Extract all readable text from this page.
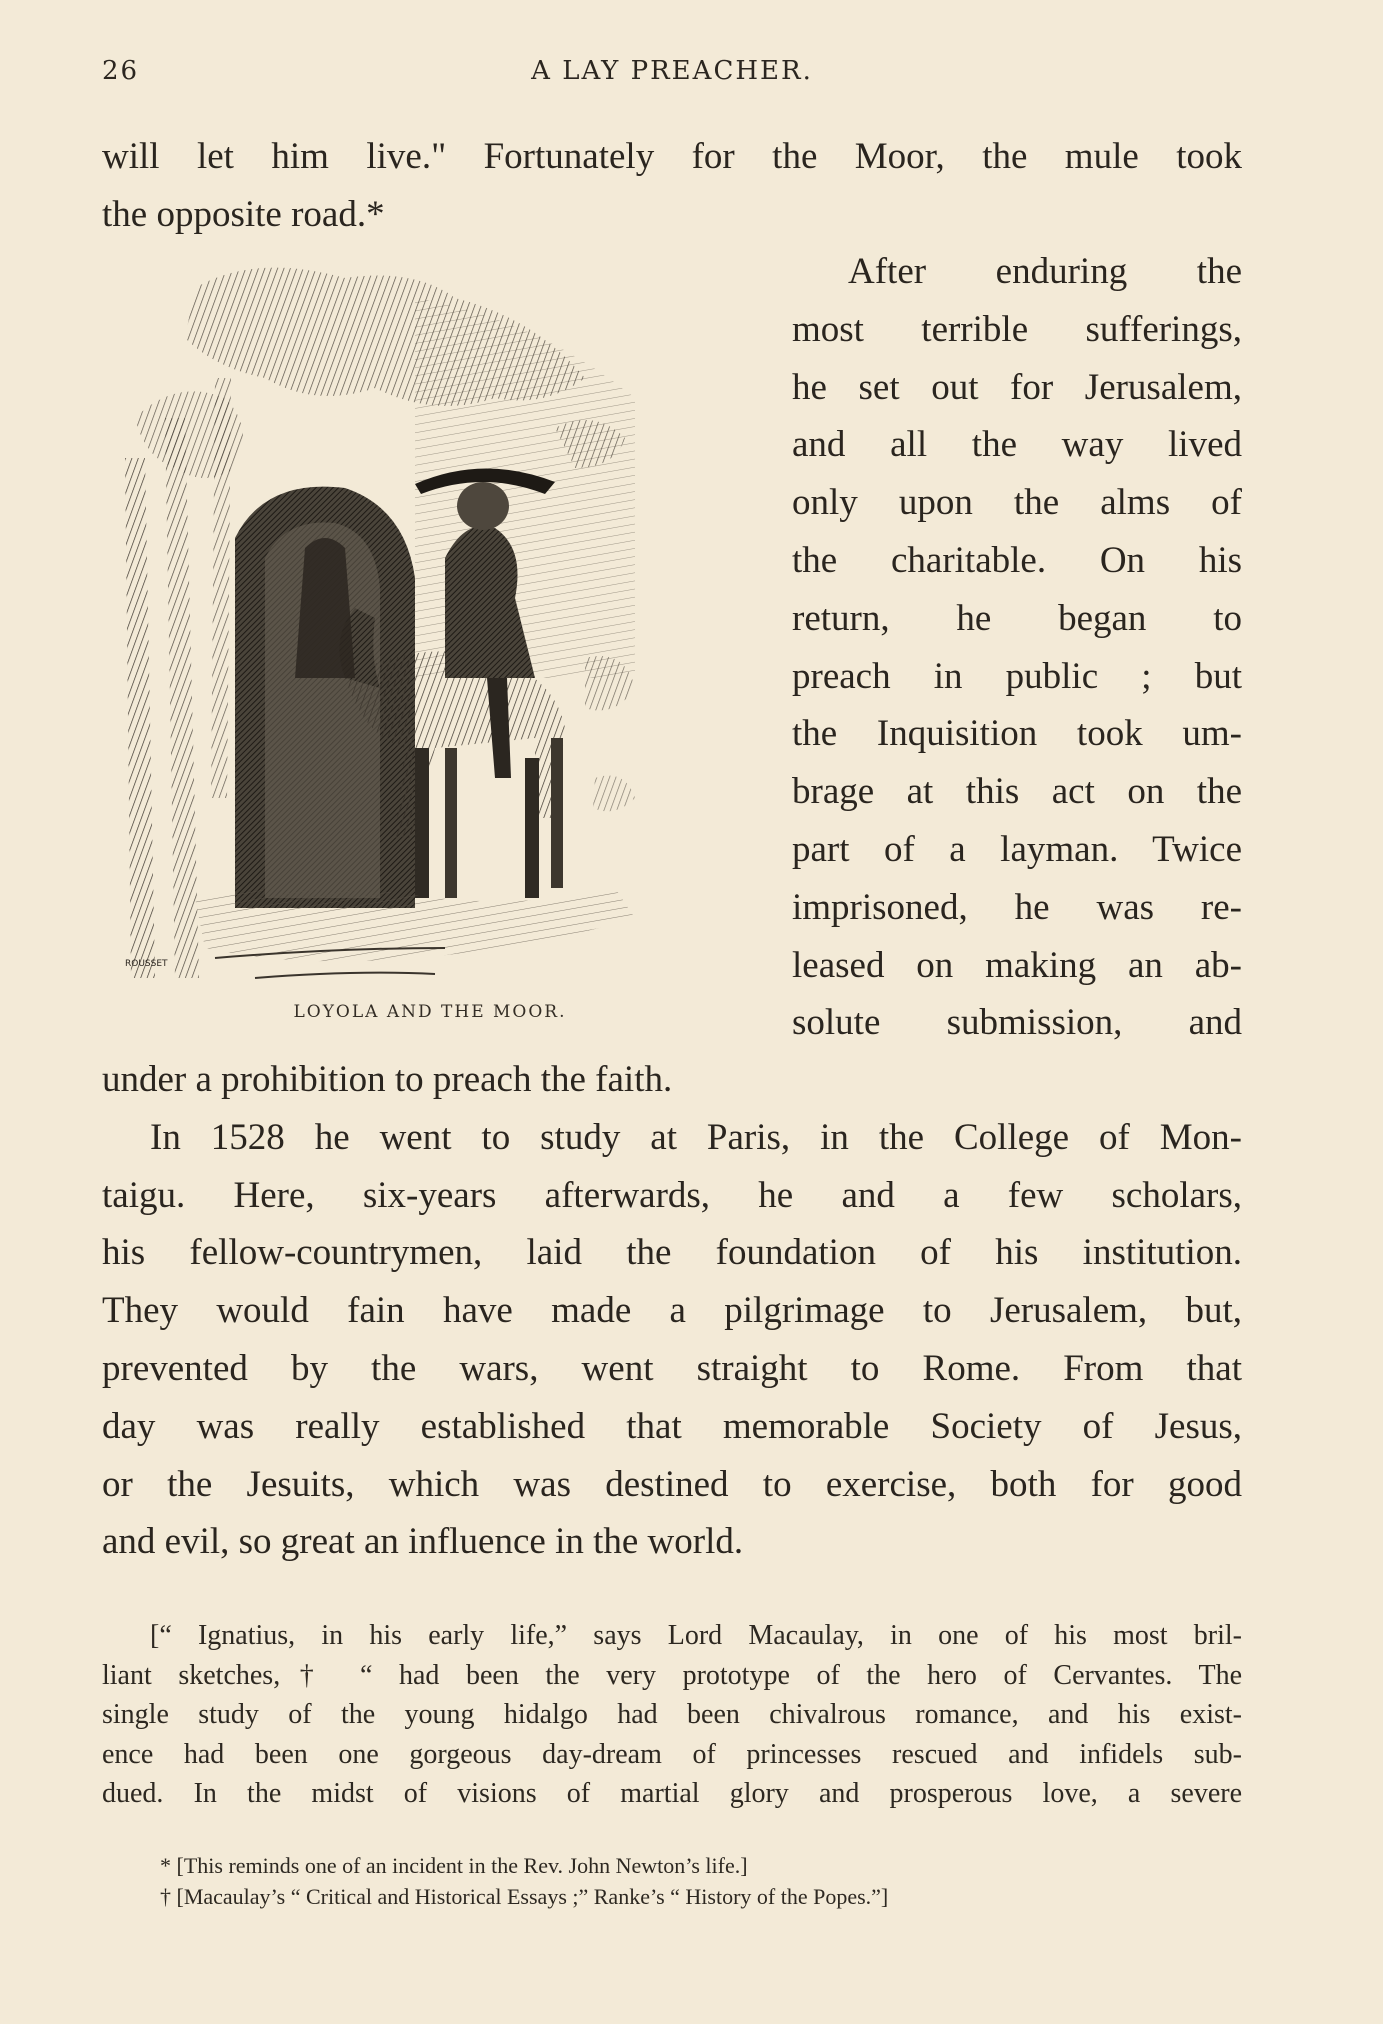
26	A LAY PREACHER.
will let him live." Fortunately for the Moor, the mule took
the opposite road.*
ROUSSET
LOYOLA AND THE MOOR.
After enduring the
most terrible sufferings,
he set out for Jerusalem,
and all the way lived
only upon the alms of
the charitable. On his
return, he began to
preach in public ; but
the Inquisition took um-
brage at this act on the
part of a layman. Twice
imprisoned, he was re-
leased on making an ab-
solute submission, and
under a prohibition to preach the faith.
In 1528 he went to study at Paris, in the College of Mon-
taigu. Here, six-years afterwards, he and a few scholars,
his fellow-countrymen, laid the foundation of his institution.
They would fain have made a pilgrimage to Jerusalem, but,
prevented by the wars, went straight to Rome. From that
day was really established that memorable Society of Jesus,
or the Jesuits, which was destined to exercise, both for good
and evil, so great an influence in the world.
[“ Ignatius, in his early life,” says Lord Macaulay, in one of his most bril-
liant sketches,† “ had been the very prototype of the hero of Cervantes. The
single study of the young hidalgo had been chivalrous romance, and his exist-
ence had been one gorgeous day-dream of princesses rescued and infidels sub-
dued. In the midst of visions of martial glory and prosperous love, a severe
* [This reminds one of an incident in the Rev. John Newton’s life.]
† [Macaulay’s “ Critical and Historical Essays ;” Ranke’s “ History of the Popes.”]
